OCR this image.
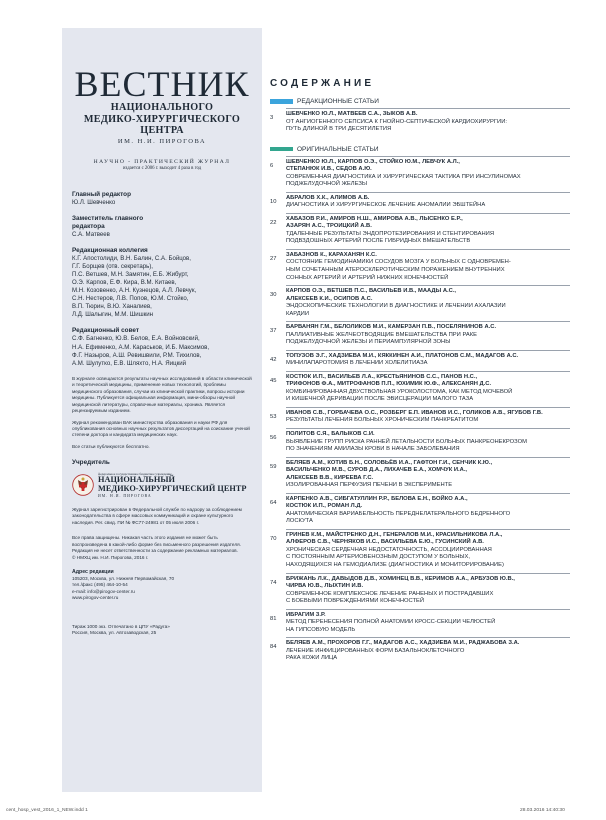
ВЕСТНИК
НАЦИОНАЛЬНОГО
МЕДИКО-ХИРУРГИЧЕСКОГО ЦЕНТРА
ИМ. Н.И. ПИРОГОВА
НАУЧНО - ПРАКТИЧЕСКИЙ ЖУРНАЛ
издается с 2006 г. выходит 4 раза в год
Главный редактор
Ю.Л. Шевченко
Заместитель главного редактора
С.А. Матвеев
Редакционная коллегия
К.Г. Апостолиди, В.Н. Балин, С.А. Бойцов,
Г.Г. Борщев (отв. секретарь),
П.С. Ветшев, М.Н. Замятин, Е.Б. Жибурт,
О.Э. Карпов, Е.Ф. Кира, В.М. Китаев,
М.Н. Козовенко, А.Н. Кузнецов, А.Л. Левчук,
С.Н. Нестеров, Л.В. Попов, Ю.М. Стойко,
В.П. Тюрин, В.Ю. Ханалиев,
Л.Д. Шалыгин, М.М. Шишкин
Редакционный совет
С.Ф. Багненко, Ю.В. Белов, Е.А. Войновский,
Н.А. Ефименко, А.М. Караськов, И.Б. Максимов,
Ф.Г. Назыров, А.Ш. Ревишвили, Р.М. Тихилов,
А.М. Шулутко, Е.В. Шляхто, Н.А. Яицкий
В журнале освещаются результаты научных исследований в области клинической и теоретической медицины, применение новых технологий, проблемы медицинского образования, случаи из клинической практики, вопросы истории медицины. Публикуется официальная информация, мини-обзоры научной медицинской литературы, справочные материалы, хроника. Является рецензируемым изданием.
Журнал рекомендован ВАК министерства образования и науки РФ для опубликования основных научных результатов диссертаций на соискание ученой степени доктора и кандидата медицинских наук.
Все статьи публикуются бесплатно.
Учредитель
федеральное государственное бюджетное учреждение
НАЦИОНАЛЬНЫЙ
МЕДИКО-ХИРУРГИЧЕСКИЙ ЦЕНТР
ИМ. Н.И. ПИРОГОВА
Журнал зарегистрирован в Федеральной службе по надзору за соблюдением законодательства в сфере массовых коммуникаций и охране культурного наследия. Рег. свид. ПИ № ФС77-24981 от 05 июля 2006 г.
Все права защищены. Никакая часть этого издания не может быть воспроизведена в какой-либо форме без письменного разрешения издателя.
Редакция не несет ответственности за содержание рекламных материалов.
© НМХЦ им. Н.И. Пирогова, 2016 г.
Адрес редакции
105203, Москва, ул. Нижняя Первомайская, 70
тел./факс (495) 464-10-54
e-mail: info@pirogov-center.ru
www.pirogov-center.ru
Тираж 1000 экз. Отпечатано в ЦПУ «Радуга»
Россия, Москва, ул. Автозаводская, 25
СОДЕРЖАНИЕ
РЕДАКЦИОННЫЕ СТАТЬИ
3
ШЕВЧЕНКО Ю.Л., МАТВЕЕВ С.А., ЗЫКОВ А.В.
ОТ АНГИОГЕННОГО СЕПСИСА К ГНОЙНО-СЕПТИЧЕСКОЙ КАРДИОХИРУРГИИ:
ПУТЬ ДЛИНОЙ В ТРИ ДЕСЯТИЛЕТИЯ
ОРИГИНАЛЬНЫЕ СТАТЬИ
6
ШЕВЧЕНКО Ю.Л., КАРПОВ О.Э., СТОЙКО Ю.М., ЛЕВЧУК А.Л.,
СТЕПАНЮК И.В., СЕДОВ А.Ю.
СОВРЕМЕННАЯ ДИАГНОСТИКА И ХИРУРГИЧЕСКАЯ ТАКТИКА ПРИ ИНСУЛИНОМАХ
ПОДЖЕЛУДОЧНОЙ ЖЕЛЕЗЫ
10
АБРАЛОВ Х.К., АЛИМОВ А.Б.
ДИАГНОСТИКА И ХИРУРГИЧЕСКОЕ ЛЕЧЕНИЕ АНОМАЛИИ ЭБШТЕЙНА
22
ХАБАЗОВ Р.И., АМИРОВ Н.Ш., АМИРОВА А.В., ЛЫСЕНКО Е.Р.,
АЗАРЯН А.С., ТРОИЦКИЙ А.В.
ТДАЛЕННЫЕ РЕЗУЛЬТАТЫ ЭНДОПРОТЕЗИРОВАНИЯ И СТЕНТИРОВАНИЯ
ПОДВЗДОШНЫХ АРТЕРИЙ ПОСЛЕ ГИБРИДНЫХ ВМЕШАТЕЛЬСТВ
27
ЗАБАЗНОВ К., КАРАХАНЯН К.С.
СОСТОЯНИЕ ГЕМОДИНАМИКИ СОСУДОВ МОЗГА У БОЛЬНЫХ С ОДНОВРЕМЕН-
НЫМ СОЧЕТАННЫМ АТЕРОСКЛЕРОТИЧЕСКИМ ПОРАЖЕНИЕМ ВНУТРЕННИХ
СОННЫХ АРТЕРИЙ И АРТЕРИЙ НИЖНИХ КОНЕЧНОСТЕЙ
30
КАРПОВ О.Э., ВЕТШЕВ П.С., ВАСИЛЬЕВ И.В., МААДЫ А.С.,
АЛЕКСЕЕВ К.И., ОСИПОВ А.С.
ЭНДОСКОПИЧЕСКИЕ ТЕХНОЛОГИИ В ДИАГНОСТИКЕ И ЛЕЧЕНИИ АХАЛАЗИИ
КАРДИИ
37
БАРВАНЯН Г.М., БЕЛОЛИКОВ М.И., КАМЕРЗАН П.В., ПОСЕЛЯНИНОВ А.С.
ПАЛЛИАТИВНЫЕ ЖЕЛЧЕОТВОДЯЩИЕ ВМЕШАТЕЛЬСТВА ПРИ РАКЕ
ПОДЖЕЛУДОЧНОЙ ЖЕЛЕЗЫ И ПЕРИАМПУЛЯРНОЙ ЗОНЫ
42
ТОПУЗОВ Э.Г., ХАДЗИЕВА М.И., КЯККИНЕН А.И., ПЛАТОНОВ С.М., МАДАГОВ А.С.
МИНИЛАПАРОТОМИЯ В ЛЕЧЕНИИ ХОЛЕЛИТИАЗА
45
КОСТЮК И.П., ВАСИЛЬЕВ Л.А., КРЕСТЬЯНИНОВ С.С., ПАНОВ Н.С.,
ТРИФОНОВ Ф.А., МИТРОФАНОВ П.П., ЮХИМИК Ю.Ф., АЛЕКСАНЯН Д.С.
КОМБИНИРОВАННАЯ ДВУСТВОЛЬНАЯ УРОКОЛОСТОМА, КАК МЕТОД МОЧЕВОЙ
И КИШЕЧНОЙ ДЕРИВАЦИИ ПОСЛЕ ЭВИСЦЕРАЦИИ МАЛОГО ТАЗА
53
ИВАНОВ С.В., ГОРБАЧЕВА О.С., РОЗБЕРГ Е.П. ИВАНОВ И.С., ГОЛИКОВ А.В., ЯГУБОВ Г.В.
РЕЗУЛЬТАТЫ ЛЕЧЕНИЯ БОЛЬНЫХ ХРОНИЧЕСКИМ ПАНКРЕАТИТОМ
56
ПОЛИТОВ С.Я., БАЛЫКОВ С.И.
ВЫЯВЛЕНИЕ ГРУПП РИСКА РАННЕЙ ЛЕТАЛЬНОСТИ БОЛЬНЫХ ПАНКРЕОНЕКРОЗОМ
ПО ЗНАЧЕНИЯМ АМИЛАЗЫ КРОВИ В НАЧАЛЕ ЗАБОЛЕВАНИЯ
59
БЕЛЯЕВ А.М., КОТИВ Б.Н., СОЛОВЬЁВ И.А., ГАФТОН Г.И., СЕНЧИК К.Ю.,
ВАСИЛЬЧЕНКО М.В., СУРОВ Д.А., ЛИХАЧЕВ Е.А., ХОМЧУК И.А.,
АЛЕКСЕЕВ В.В., КИРЕЕВА Г.С.
ИЗОЛИРОВАННАЯ ПЕРФУЗИЯ ПЕЧЕНИ В ЭКСПЕРИМЕНТЕ
64
КАРПЕНКО А.В., СИБГАТУЛЛИН Р.Р., БЕЛОВА Е.Н., БОЙКО А.А.,
КОСТЮК И.П., РОМАН Л.Д.
АНАТОМИЧЕСКАЯ ВАРИАБЕЛЬНОСТЬ ПЕРЕДНЕЛАТЕРАЛЬНОГО БЕДРЕННОГО
ЛОСКУТА
70
ГРИНЕВ К.М., МАЙСТРЕНКО Д.Н., ГЕНЕРАЛОВ М.И., КРАСИЛЬНИКОВА Л.А.,
АЛФЕРОВ С.В., ЧЕРНЯКОВ И.С., ВАСИЛЬЕВА Е.Ю., ГУСИНСКИЙ А.В.
ХРОНИЧЕСКАЯ СЕРДЕЧНАЯ НЕДОСТАТОЧНОСТЬ, АССОЦИИРОВАННАЯ
С ПОСТОЯННЫМ АРТЕРИОВЕНОЗНЫМ ДОСТУПОМ У БОЛЬНЫХ,
НАХОДЯЩИХСЯ НА ГЕМОДИАЛИЗЕ (ДИАГНОСТИКА И МОНИТОРИРОВАНИЕ)
74
БРИЖАНЬ Л.К., ДАВЫДОВ Д.В., ХОМИНЕЦ В.В., КЕРИМОВ А.А., АРБУЗОВ Ю.В.,
ЧИРВА Ю.В., ЛЫХТИН И.В.
СОВРЕМЕННОЕ КОМПЛЕКСНОЕ ЛЕЧЕНИЕ РАНЕНЫХ И ПОСТРАДАВШИХ
С БОЕВЫМИ ПОВРЕЖДЕНИЯМИ КОНЕЧНОСТЕЙ
81
ИБРАГИМ З.Р.
МЕТОД ПЕРЕНЕСЕНИЯ ПОЛНОЙ АНАТОМИИ КРОСС-СЕКЦИИ ЧЕЛЮСТЕЙ
НА ГИПСОВУЮ МОДЕЛЬ
84
БЕЛЯЕВ А.М., ПРОХОРОВ Г.Г., МАДАГОВ А.С., ХАДЗИЕВА М.И., РАДЖАБОВА З.А.
ЛЕЧЕНИЕ ИНФИЦИРОВАННЫХ ФОРМ БАЗАЛЬНОКЛЕТОЧНОГО
РАКА КОЖИ ЛИЦА
cent_hosp_vest_2016_1_NEW.indd 1	28.03.2016 14:40:30
